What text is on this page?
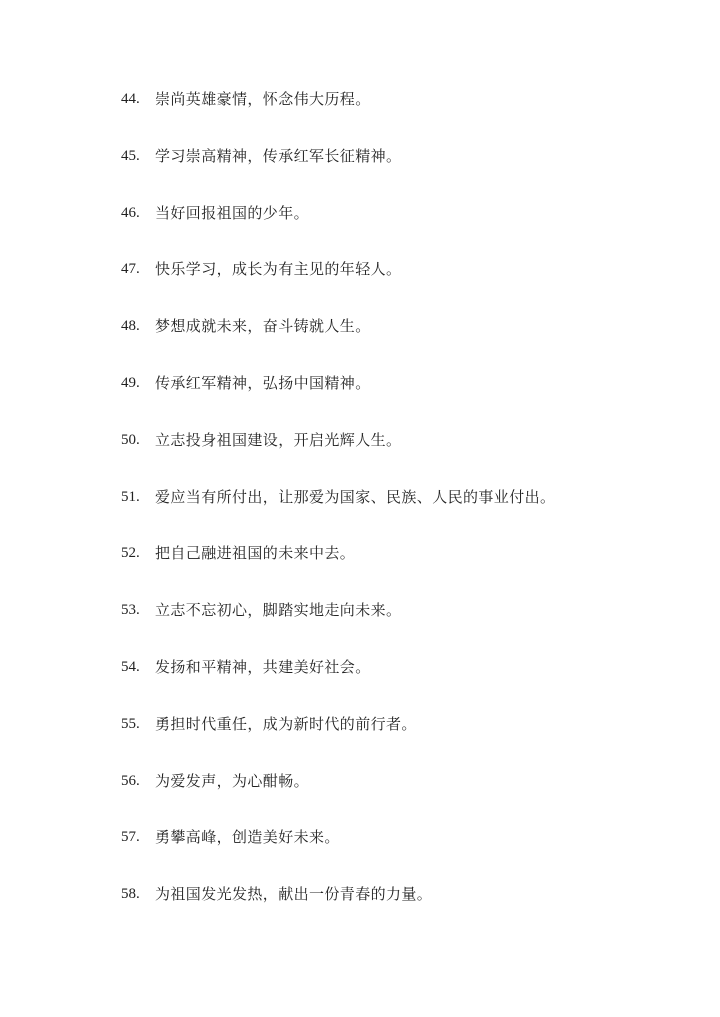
44.	崇尚英雄豪情，怀念伟大历程。
45.	学习崇高精神，传承红军长征精神。
46.	当好回报祖国的少年。
47.	快乐学习，成长为有主见的年轻人。
48.	梦想成就未来，奋斗铸就人生。
49.	传承红军精神，弘扬中国精神。
50.	立志投身祖国建设，开启光辉人生。
51.	爱应当有所付出，让那爱为国家、民族、人民的事业付出。
52.	把自己融进祖国的未来中去。
53.	立志不忘初心，脚踏实地走向未来。
54.	发扬和平精神，共建美好社会。
55.	勇担时代重任，成为新时代的前行者。
56.	为爱发声，为心酣畅。
57.	勇攀高峰，创造美好未来。
58.	为祖国发光发热，献出一份青春的力量。
